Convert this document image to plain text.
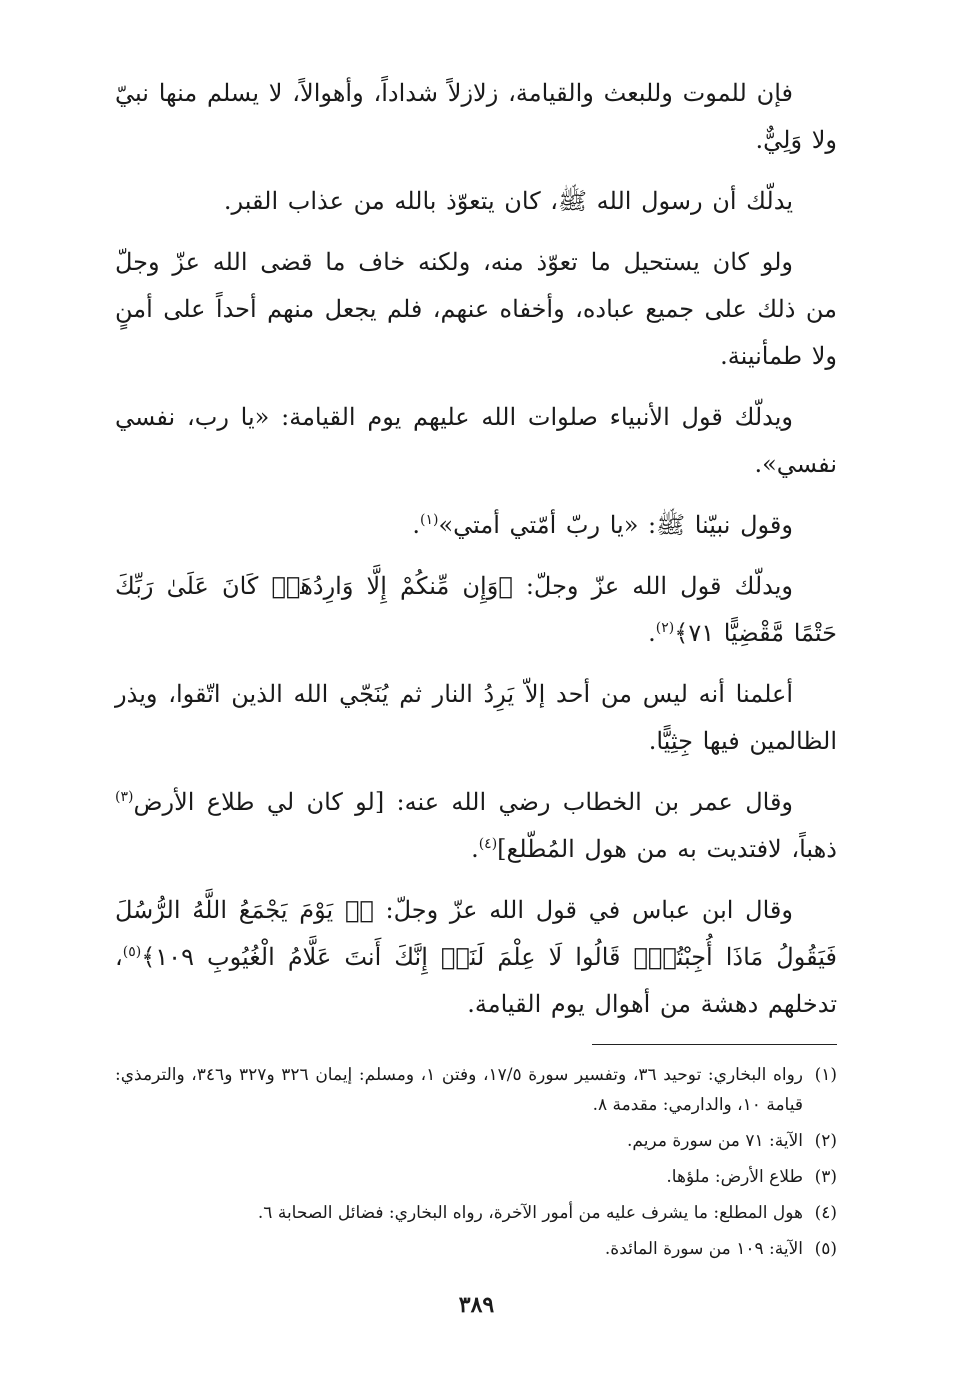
فإن للموت وللبعث والقيامة، زلازلاً شداداً، وأهوالاً، لا يسلم منها نبيّ ولا وَلِيٌّ.

يدلّك أن رسول الله ﷺ، كان يتعوّذ بالله من عذاب القبر.

ولو كان يستحيل ما تعوّذ منه، ولكنه خاف ما قضى الله عزّ وجلّ من ذلك على جميع عباده، وأخفاه عنهم، فلم يجعل منهم أحداً على أمنٍ ولا طمأنينة.

ويدلّك قول الأنبياء صلوات الله عليهم يوم القيامة: «يا رب، نفسي نفسي».

وقول نبيّنا ﷺ: «يا ربّ أمّتي أمتي»$^{(١)}$.

ويدلّك قول الله عزّ وجلّ: ﴿وَإِن مِّنكُمْ إِلَّا وَارِدُهَاۚ كَانَ عَلَىٰ رَبِّكَ حَتْمًا مَّقْضِيًّا ٧١﴾$^{(٢)}$.

أعلمنا أنه ليس من أحد إلاّ يَرِدُ النار ثم يُنَجّي الله الذين اتّقوا، ويذر الظالمين فيها جِثِيًّا.

وقال عمر بن الخطاب رضي الله عنه: [لو كان لي طلاع الأرض$^{(٣)}$ ذهباً، لافتديت به من هول المُطّلع]$^{(٤)}$.

وقال ابن عباس في قول الله عزّ وجلّ: ﴿۞ يَوْمَ يَجْمَعُ اللَّهُ الرُّسُلَ فَيَقُولُ مَاذَا أُجِبْتُمْۖ قَالُوا لَا عِلْمَ لَنَاۖ إِنَّكَ أَنتَ عَلَّامُ الْغُيُوبِ ١٠٩﴾$^{(٥)}$، تدخلهم دهشة من أهوال يوم القيامة.

(١)
رواه البخاري: توحيد ٣٦، وتفسير سورة ١٧/٥، وفتن ١، ومسلم: إيمان ٣٢٦ و٣٢٧ و٣٤٦، والترمذي: قيامة ١٠، والدارمي: مقدمة ٨.

(٢)
الآية: ٧١ من سورة مريم.

(٣)
طلاع الأرض: ملؤها.

(٤)
هول المطلع: ما يشرف عليه من أمور الآخرة، رواه البخاري: فضائل الصحابة ٦.

(٥)
الآية: ١٠٩ من سورة المائدة.

٣٨٩
